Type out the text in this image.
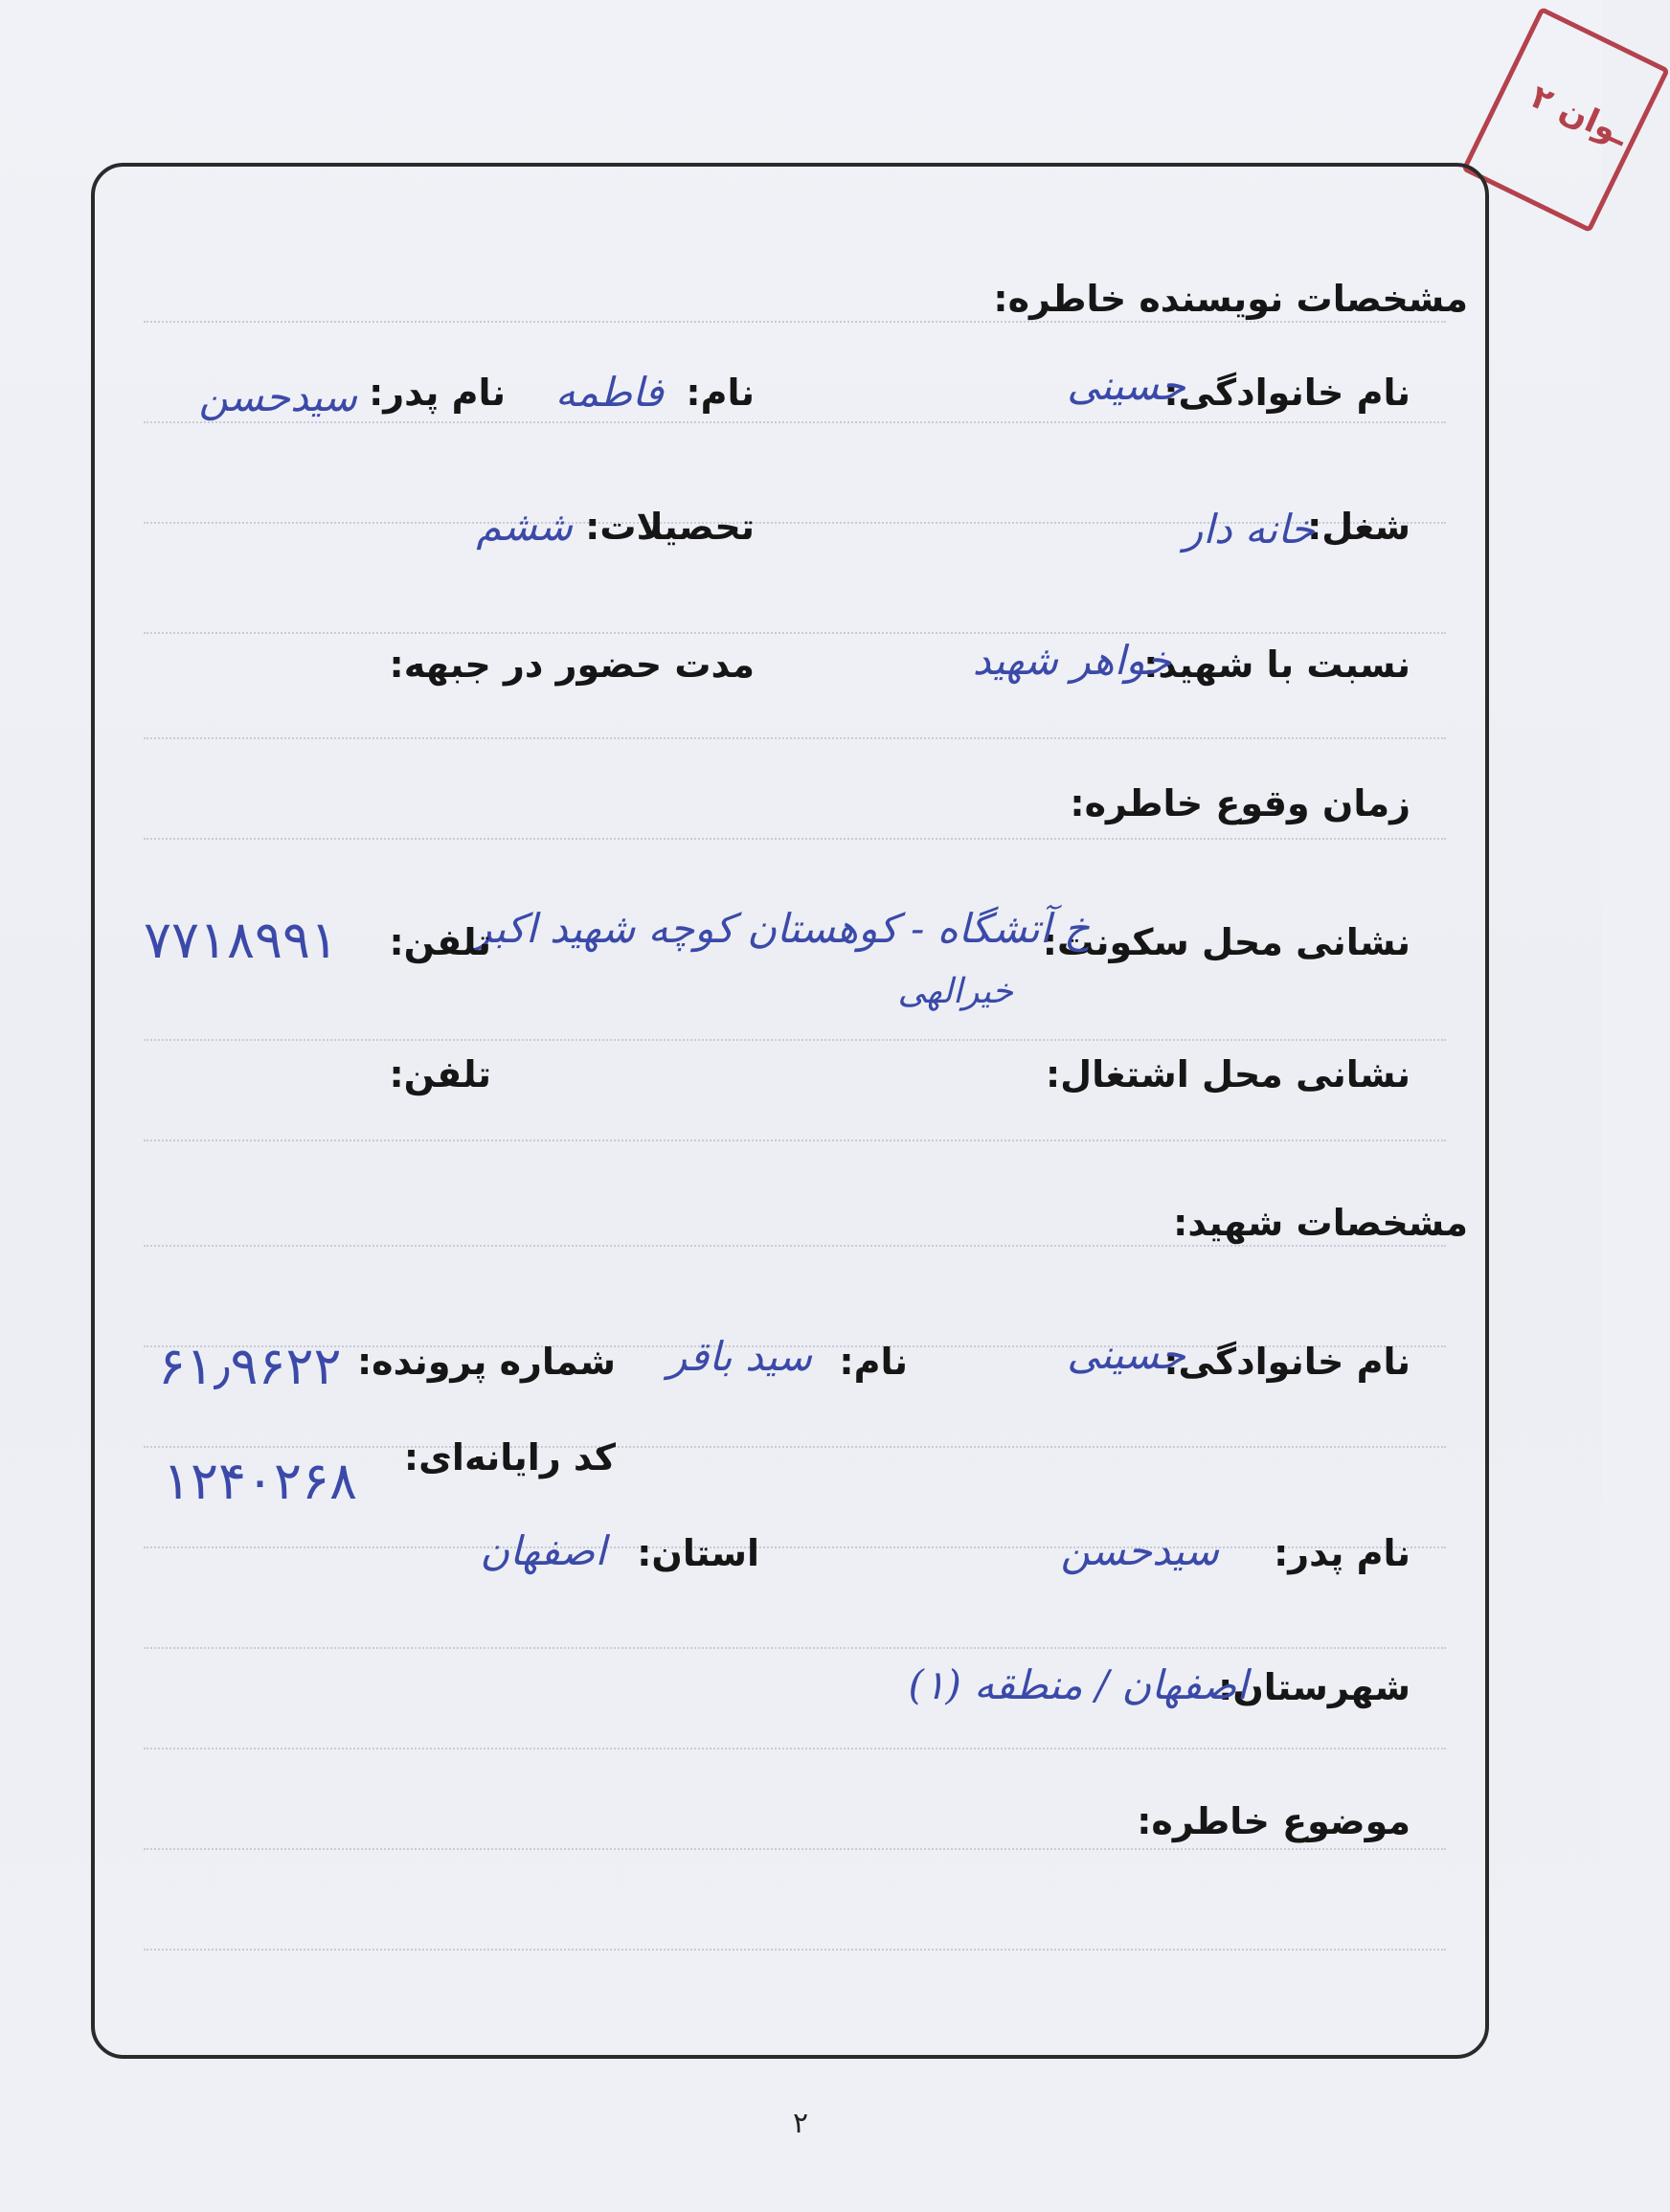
ـوان ۲
مشخصات نویسنده خاطره:
نام خانوادگی:
حسینی
نام:
فاطمه
نام پدر:
سیدحسن
شغل:
خانه دار
تحصیلات:
ششم
نسبت با شهید:
خواهر شهید
مدت حضور در جبهه:
زمان وقوع خاطره:
نشانی محل سکونت:
خ آتشگاه - کوهستان کوچه شهید اکبر
خیرالهی
تلفن:
۷۷۱۸۹۹۱
نشانی محل اشتغال:
تلفن:
مشخصات شهید:
نام خانوادگی:
حسینی
نام:
سید باقر
شماره پرونده:
۶۱٫۹۶۲۲
کد رایانه‌ای:
۱۲۴۰۲۶۸
نام پدر:
سیدحسن
استان:
اصفهان
شهرستان:
اصفهان / منطقه (۱)
موضوع خاطره:
۲
